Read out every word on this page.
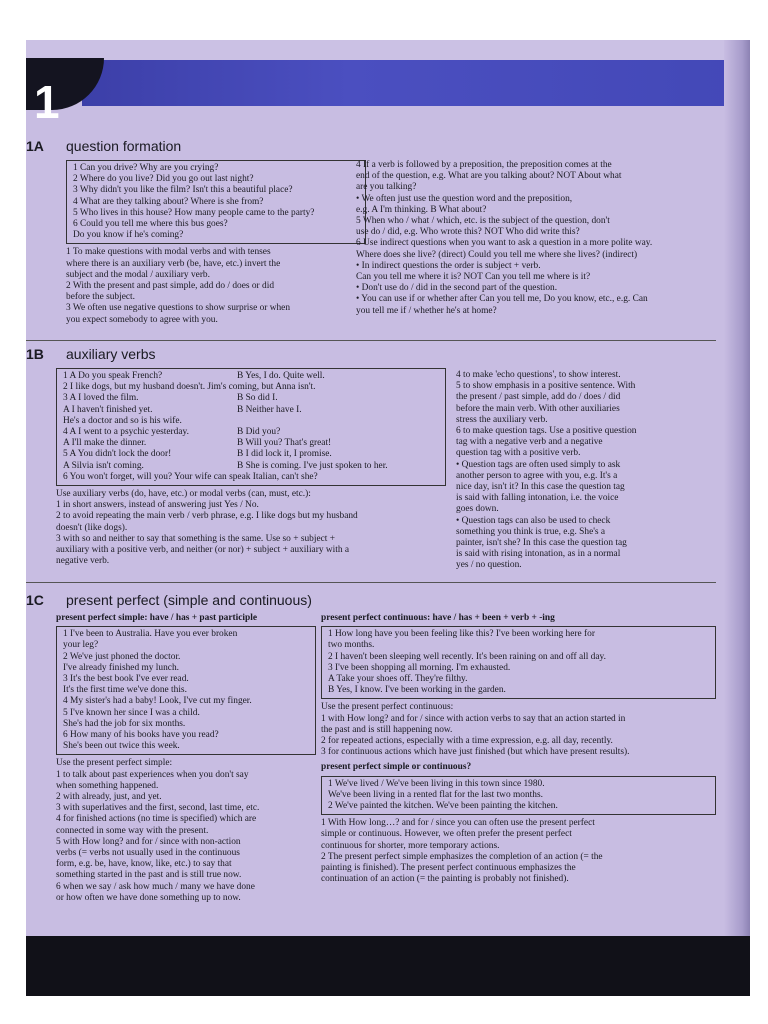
1
1A	question formation
1 Can you drive? Why are you crying?
2 Where do you live? Did you go out last night?
3 Why didn't you like the film? Isn't this a beautiful place?
4 What are they talking about? Where is she from?
5 Who lives in this house? How many people came to the party?
6 Could you tell me where this bus goes?
Do you know if he's coming?
1 To make questions with modal verbs and with tenses
where there is an auxiliary verb (be, have, etc.) invert the
subject and the modal / auxiliary verb.
2 With the present and past simple, add do / does or did
before the subject.
3 We often use negative questions to show surprise or when
you expect somebody to agree with you.
4 If a verb is followed by a preposition, the preposition comes at the
end of the question, e.g. What are you talking about? NOT About what
are you talking?
• We often just use the question word and the preposition,
e.g. A I'm thinking. B What about?
5 When who / what / which, etc. is the subject of the question, don't
use do / did, e.g. Who wrote this? NOT Who did write this?
6 Use indirect questions when you want to ask a question in a more polite way.
Where does she live? (direct) Could you tell me where she lives? (indirect)
• In indirect questions the order is subject + verb.
Can you tell me where it is? NOT Can you tell me where is it?
• Don't use do / did in the second part of the question.
• You can use if or whether after Can you tell me, Do you know, etc., e.g. Can
you tell me if / whether he's at home?
1B	auxiliary verbs
1 A Do you speak French?	B Yes, I do. Quite well.
2 I like dogs, but my husband doesn't. Jim's coming, but Anna isn't.
3 A I loved the film.	B So did I.
A I haven't finished yet.	B Neither have I.
He's a doctor and so is his wife.
4 A I went to a psychic yesterday.	B Did you?
A I'll make the dinner.	B Will you? That's great!
5 A You didn't lock the door!	B I did lock it, I promise.
A Silvia isn't coming.	B She is coming. I've just spoken to her.
6 You won't forget, will you? Your wife can speak Italian, can't she?
Use auxiliary verbs (do, have, etc.) or modal verbs (can, must, etc.):
1 in short answers, instead of answering just Yes / No.
2 to avoid repeating the main verb / verb phrase, e.g. I like dogs but my husband
doesn't (like dogs).
3 with so and neither to say that something is the same. Use so + subject +
auxiliary with a positive verb, and neither (or nor) + subject + auxiliary with a
negative verb.
4 to make 'echo questions', to show interest.
5 to show emphasis in a positive sentence. With
the present / past simple, add do / does / did
before the main verb. With other auxiliaries
stress the auxiliary verb.
6 to make question tags. Use a positive question
tag with a negative verb and a negative
question tag with a positive verb.
• Question tags are often used simply to ask
another person to agree with you, e.g. It's a
nice day, isn't it? In this case the question tag
is said with falling intonation, i.e. the voice
goes down.
• Question tags can also be used to check
something you think is true, e.g. She's a
painter, isn't she? In this case the question tag
is said with rising intonation, as in a normal
yes / no question.
1C	present perfect (simple and continuous)
present perfect simple: have / has + past participle
1 I've been to Australia. Have you ever broken
your leg?
2 We've just phoned the doctor.
I've already finished my lunch.
3 It's the best book I've ever read.
It's the first time we've done this.
4 My sister's had a baby! Look, I've cut my finger.
5 I've known her since I was a child.
She's had the job for six months.
6 How many of his books have you read?
She's been out twice this week.
Use the present perfect simple:
1 to talk about past experiences when you don't say
when something happened.
2 with already, just, and yet.
3 with superlatives and the first, second, last time, etc.
4 for finished actions (no time is specified) which are
connected in some way with the present.
5 with How long? and for / since with non-action
verbs (= verbs not usually used in the continuous
form, e.g. be, have, know, like, etc.) to say that
something started in the past and is still true now.
6 when we say / ask how much / many we have done
or how often we have done something up to now.
present perfect continuous: have / has + been + verb + -ing
1 How long have you been feeling like this? I've been working here for
two months.
2 I haven't been sleeping well recently. It's been raining on and off all day.
3 I've been shopping all morning. I'm exhausted.
A Take your shoes off. They're filthy.
B Yes, I know. I've been working in the garden.
Use the present perfect continuous:
1 with How long? and for / since with action verbs to say that an action started in
the past and is still happening now.
2 for repeated actions, especially with a time expression, e.g. all day, recently.
3 for continuous actions which have just finished (but which have present results).
present perfect simple or continuous?
1 We've lived / We've been living in this town since 1980.
We've been living in a rented flat for the last two months.
2 We've painted the kitchen. We've been painting the kitchen.
1 With How long…? and for / since you can often use the present perfect
simple or continuous. However, we often prefer the present perfect
continuous for shorter, more temporary actions.
2 The present perfect simple emphasizes the completion of an action (= the
painting is finished). The present perfect continuous emphasizes the
continuation of an action (= the painting is probably not finished).
